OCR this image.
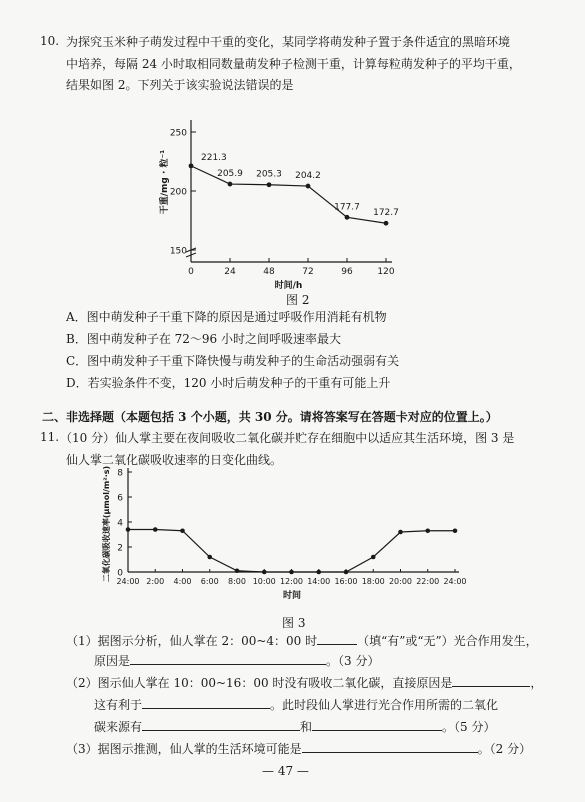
10. 为探究玉米种子萌发过程中干重的变化，某同学将萌发种子置于条件适宜的黑暗环境
中培养，每隔 24 小时取相同数量萌发种子检测干重，计算每粒萌发种子的平均干重，
结果如图 2。下列关于该实验说法错误的是
150
200
250
0	24	48	72	96	120
时间/h
干重/mg · 粒⁻¹	221.3
205.9 205.3 204.2
177.7
172.7
图 2
A．图中萌发种子干重下降的原因是通过呼吸作用消耗有机物
B．图中萌发种子在 72～96 小时之间呼吸速率最大
C．图中萌发种子干重下降快慢与萌发种子的生命活动强弱有关
D．若实验条件不变，120 小时后萌发种子的干重有可能上升
二、非选择题（本题包括 3 个小题，共 30 分。请将答案写在答题卡对应的位置上。）
11. （10 分）仙人掌主要在夜间吸收二氧化碳并贮存在细胞中以适应其生活环境，图 3 是
仙人掌二氧化碳吸收速率的日变化曲线。
0
2
4
6
8
24:00 2:00 4:00 6:00 8:00 10:00 12:00 14:00 16:00 18:00 20:00 22:00 24:00
时间
二氧化碳吸收速率(μmol/m²·s)
图 3
（1）据图示分析，仙人掌在 2：00~4：00 时	（填“有”或“无”）光合作用发生，
原因是	。（3 分）
（2）图示仙人掌在 10：00~16：00 时没有吸收二氧化碳，直接原因是	，
这有利于	。此时段仙人掌进行光合作用所需的二氧化
碳来源有	和	。（5 分）
（3）据图示推测，仙人掌的生活环境可能是	。（2 分）
— 47 —
